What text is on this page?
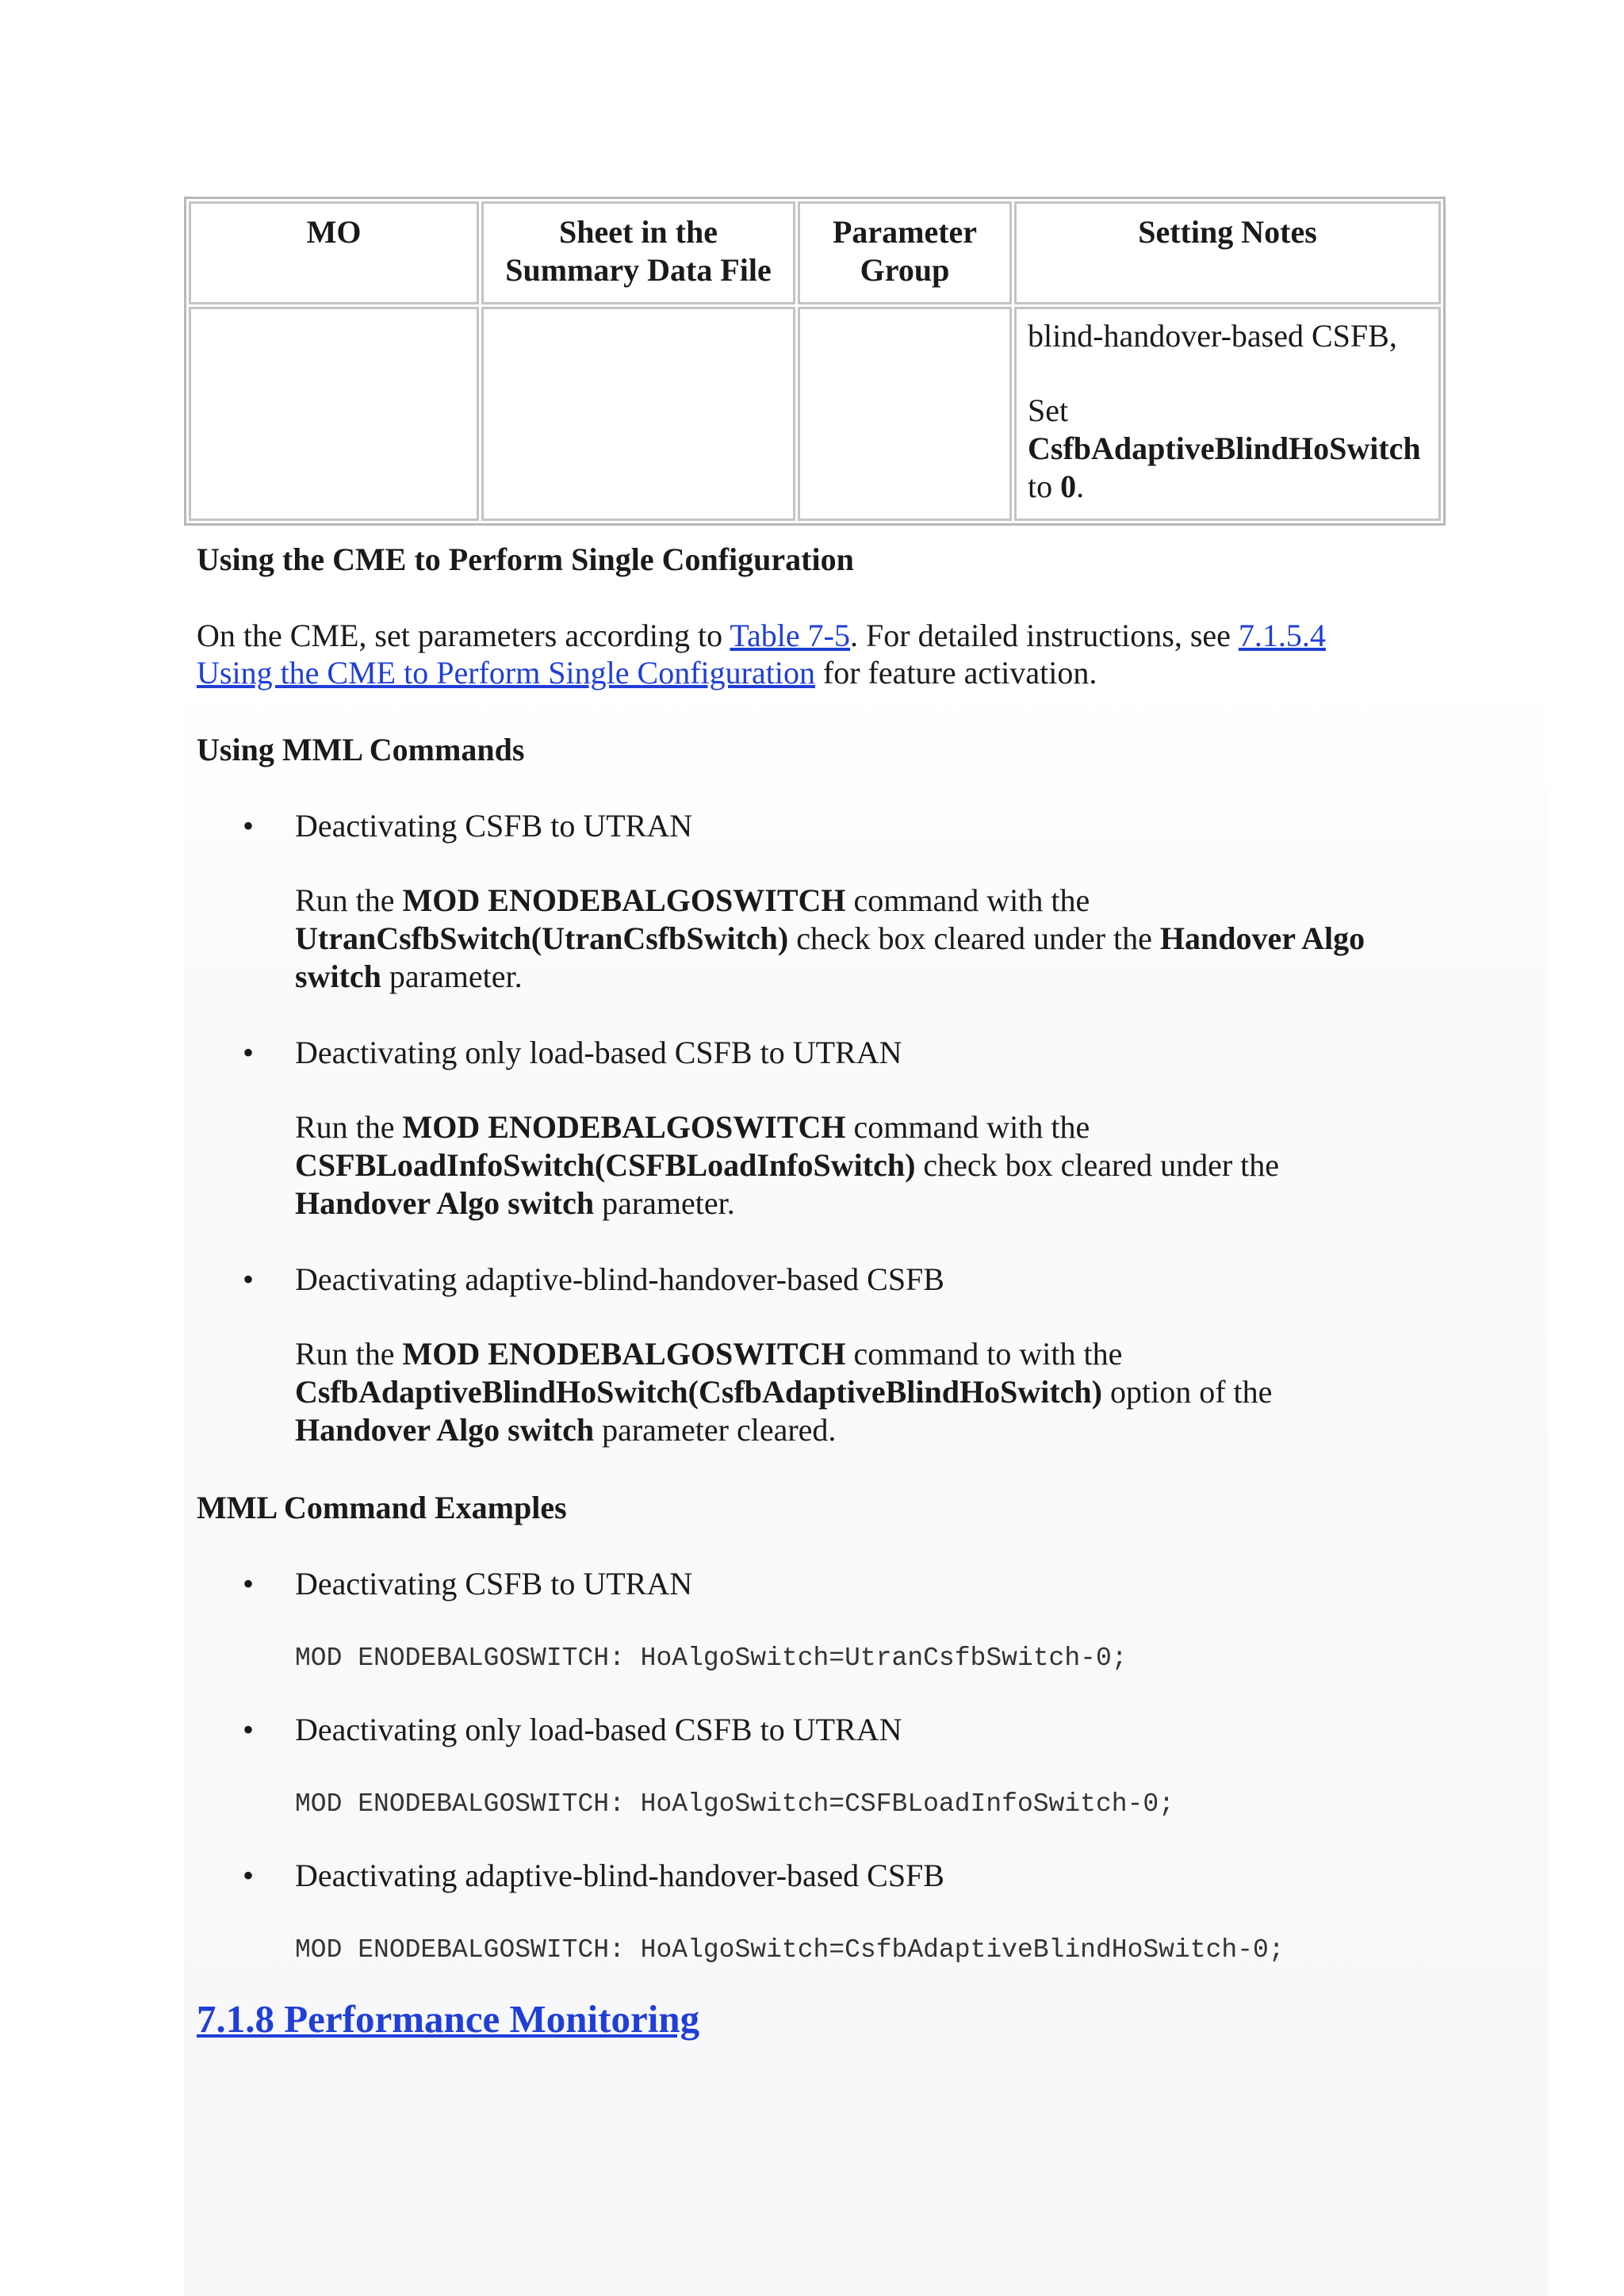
MO	Sheet in the Summary Data File	Parameter Group	Setting Notes

			blind-handover-based CSFB,

Set

CsfbAdaptiveBlindHoSwitch

to 0.

Using the CME to Perform Single Configuration

On the CME, set parameters according to Table 7-5. For detailed instructions, see 7.1.5.4
Using the CME to Perform Single Configuration for feature activation.

Using MML Commands

• Deactivating CSFB to UTRAN

Run the MOD ENODEBALGOSWITCH command with the
UtranCsfbSwitch(UtranCsfbSwitch) check box cleared under the Handover Algo switch parameter.

• Deactivating only load-based CSFB to UTRAN

Run the MOD ENODEBALGOSWITCH command with the
CSFBLoadInfoSwitch(CSFBLoadInfoSwitch) check box cleared under the
Handover Algo switch parameter.

• Deactivating adaptive-blind-handover-based CSFB

Run the MOD ENODEBALGOSWITCH command to with the
CsfbAdaptiveBlindHoSwitch(CsfbAdaptiveBlindHoSwitch) option of the
Handover Algo switch parameter cleared.

MML Command Examples

• Deactivating CSFB to UTRAN

MOD ENODEBALGOSWITCH: HoAlgoSwitch=UtranCsfbSwitch-0;

• Deactivating only load-based CSFB to UTRAN

MOD ENODEBALGOSWITCH: HoAlgoSwitch=CSFBLoadInfoSwitch-0;

• Deactivating adaptive-blind-handover-based CSFB

MOD ENODEBALGOSWITCH: HoAlgoSwitch=CsfbAdaptiveBlindHoSwitch-0;

7.1.8 Performance Monitoring
